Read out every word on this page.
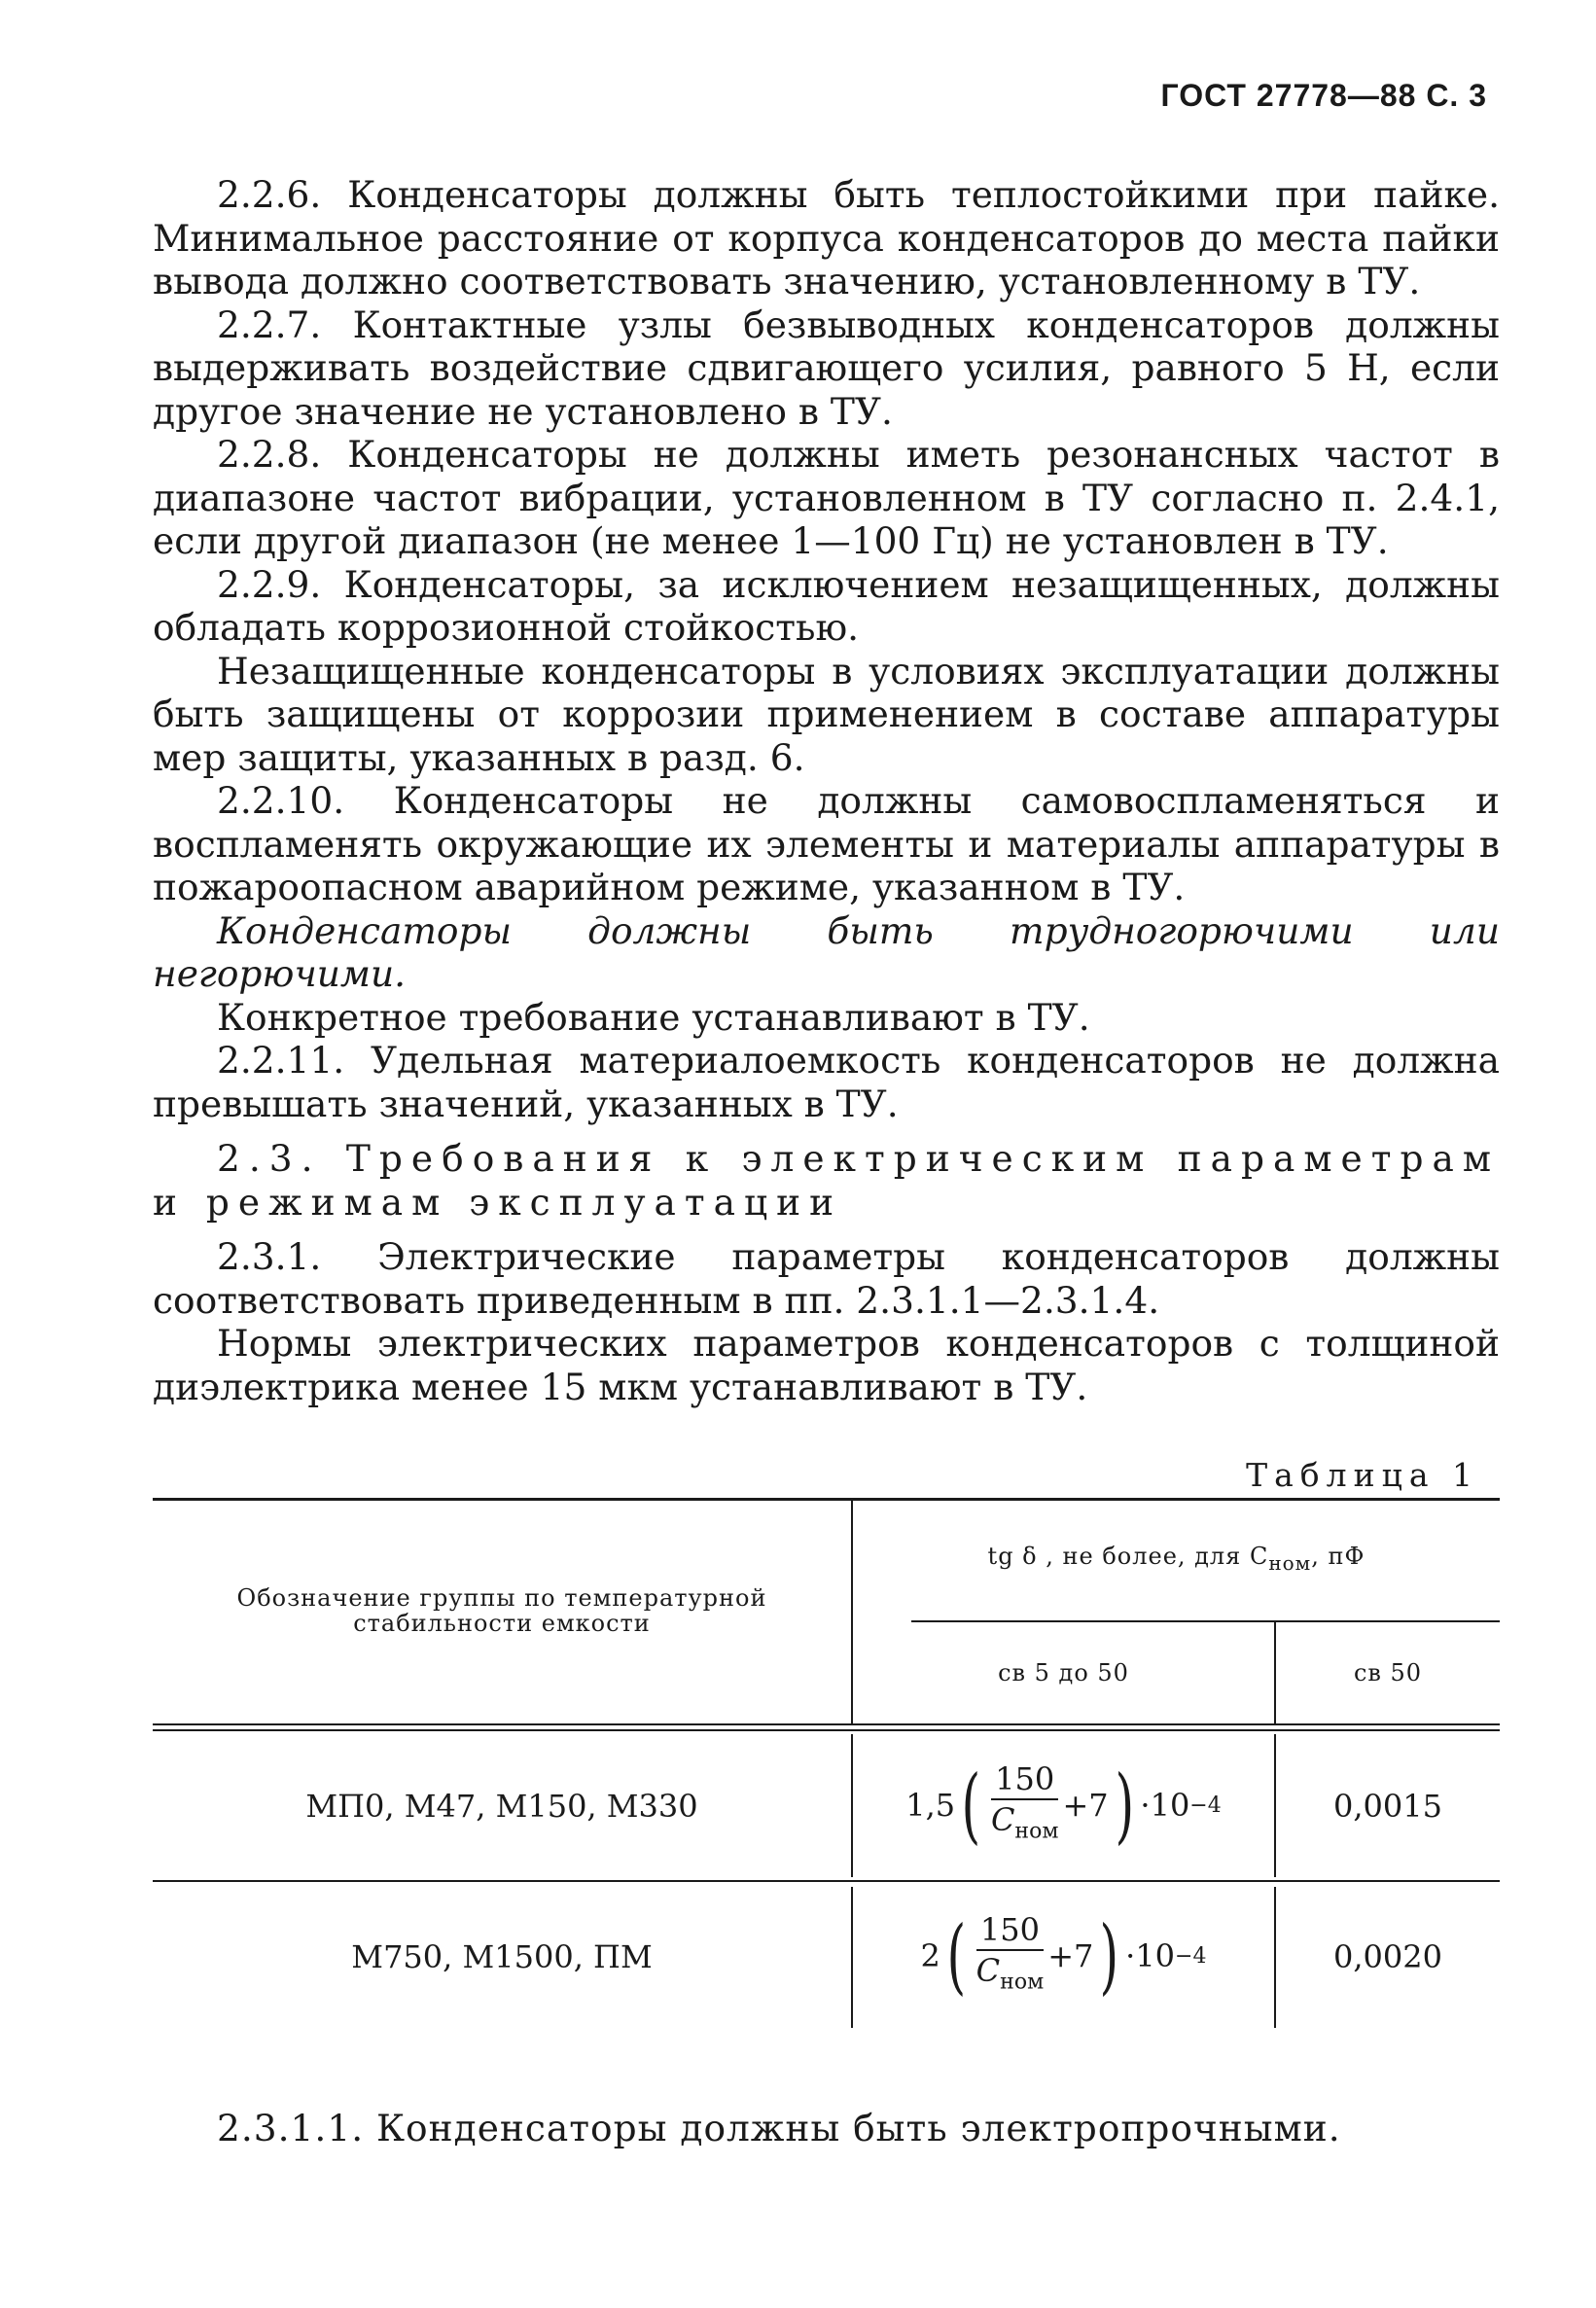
ГОСТ 27778—88 С. 3

2.2.6. Конденсаторы должны быть теплостойкими при пайке. Минимальное расстояние от корпуса конденсаторов до места пайки вывода должно соответствовать значению, установленному в ТУ.

2.2.7. Контактные узлы безвыводных конденсаторов должны выдерживать воздействие сдвигающего усилия, равного 5 Н, если другое значение не установлено в ТУ.

2.2.8. Конденсаторы не должны иметь резонансных частот в диапазоне частот вибрации, установленном в ТУ согласно п. 2.4.1, если другой диапазон (не менее 1—100 Гц) не установлен в ТУ.

2.2.9. Конденсаторы, за исключением незащищенных, должны обладать коррозионной стойкостью.

Незащищенные конденсаторы в условиях эксплуатации должны быть защищены от коррозии применением в составе аппаратуры мер защиты, указанных в разд. 6.

2.2.10. Конденсаторы не должны самовоспламеняться и воспламенять окружающие их элементы и материалы аппаратуры в пожароопасном аварийном режиме, указанном в ТУ.

Конденсаторы должны быть трудногорючими или негорючими.

Конкретное требование устанавливают в ТУ.

2.2.11. Удельная материалоемкость конденсаторов не должна превышать значений, указанных в ТУ.

2.3. Требования к электрическим параметрам и режимам эксплуатации

2.3.1. Электрические параметры конденсаторов должны соответствовать приведенным в пп. 2.3.1.1—2.3.1.4.

Нормы электрических параметров конденсаторов с толщиной диэлектрика менее 15 мкм устанавливают в ТУ.

Таблица 1
Обозначение группы по температурной стабильности емкости
tg δ , не более, для $C_{ном}$, пФ
св 5 до 50	св 50
МП0, М47, М150, М330	1,5 ( $\frac{150}{C_{ном}} +7$ ) ·10 −4	0,0015
М750, М1500, ПМ	2 ( $\frac{150}{C_{ном}} +7$ ) ·10 −4	0,0020
2.3.1.1. Конденсаторы должны быть электропрочными.
